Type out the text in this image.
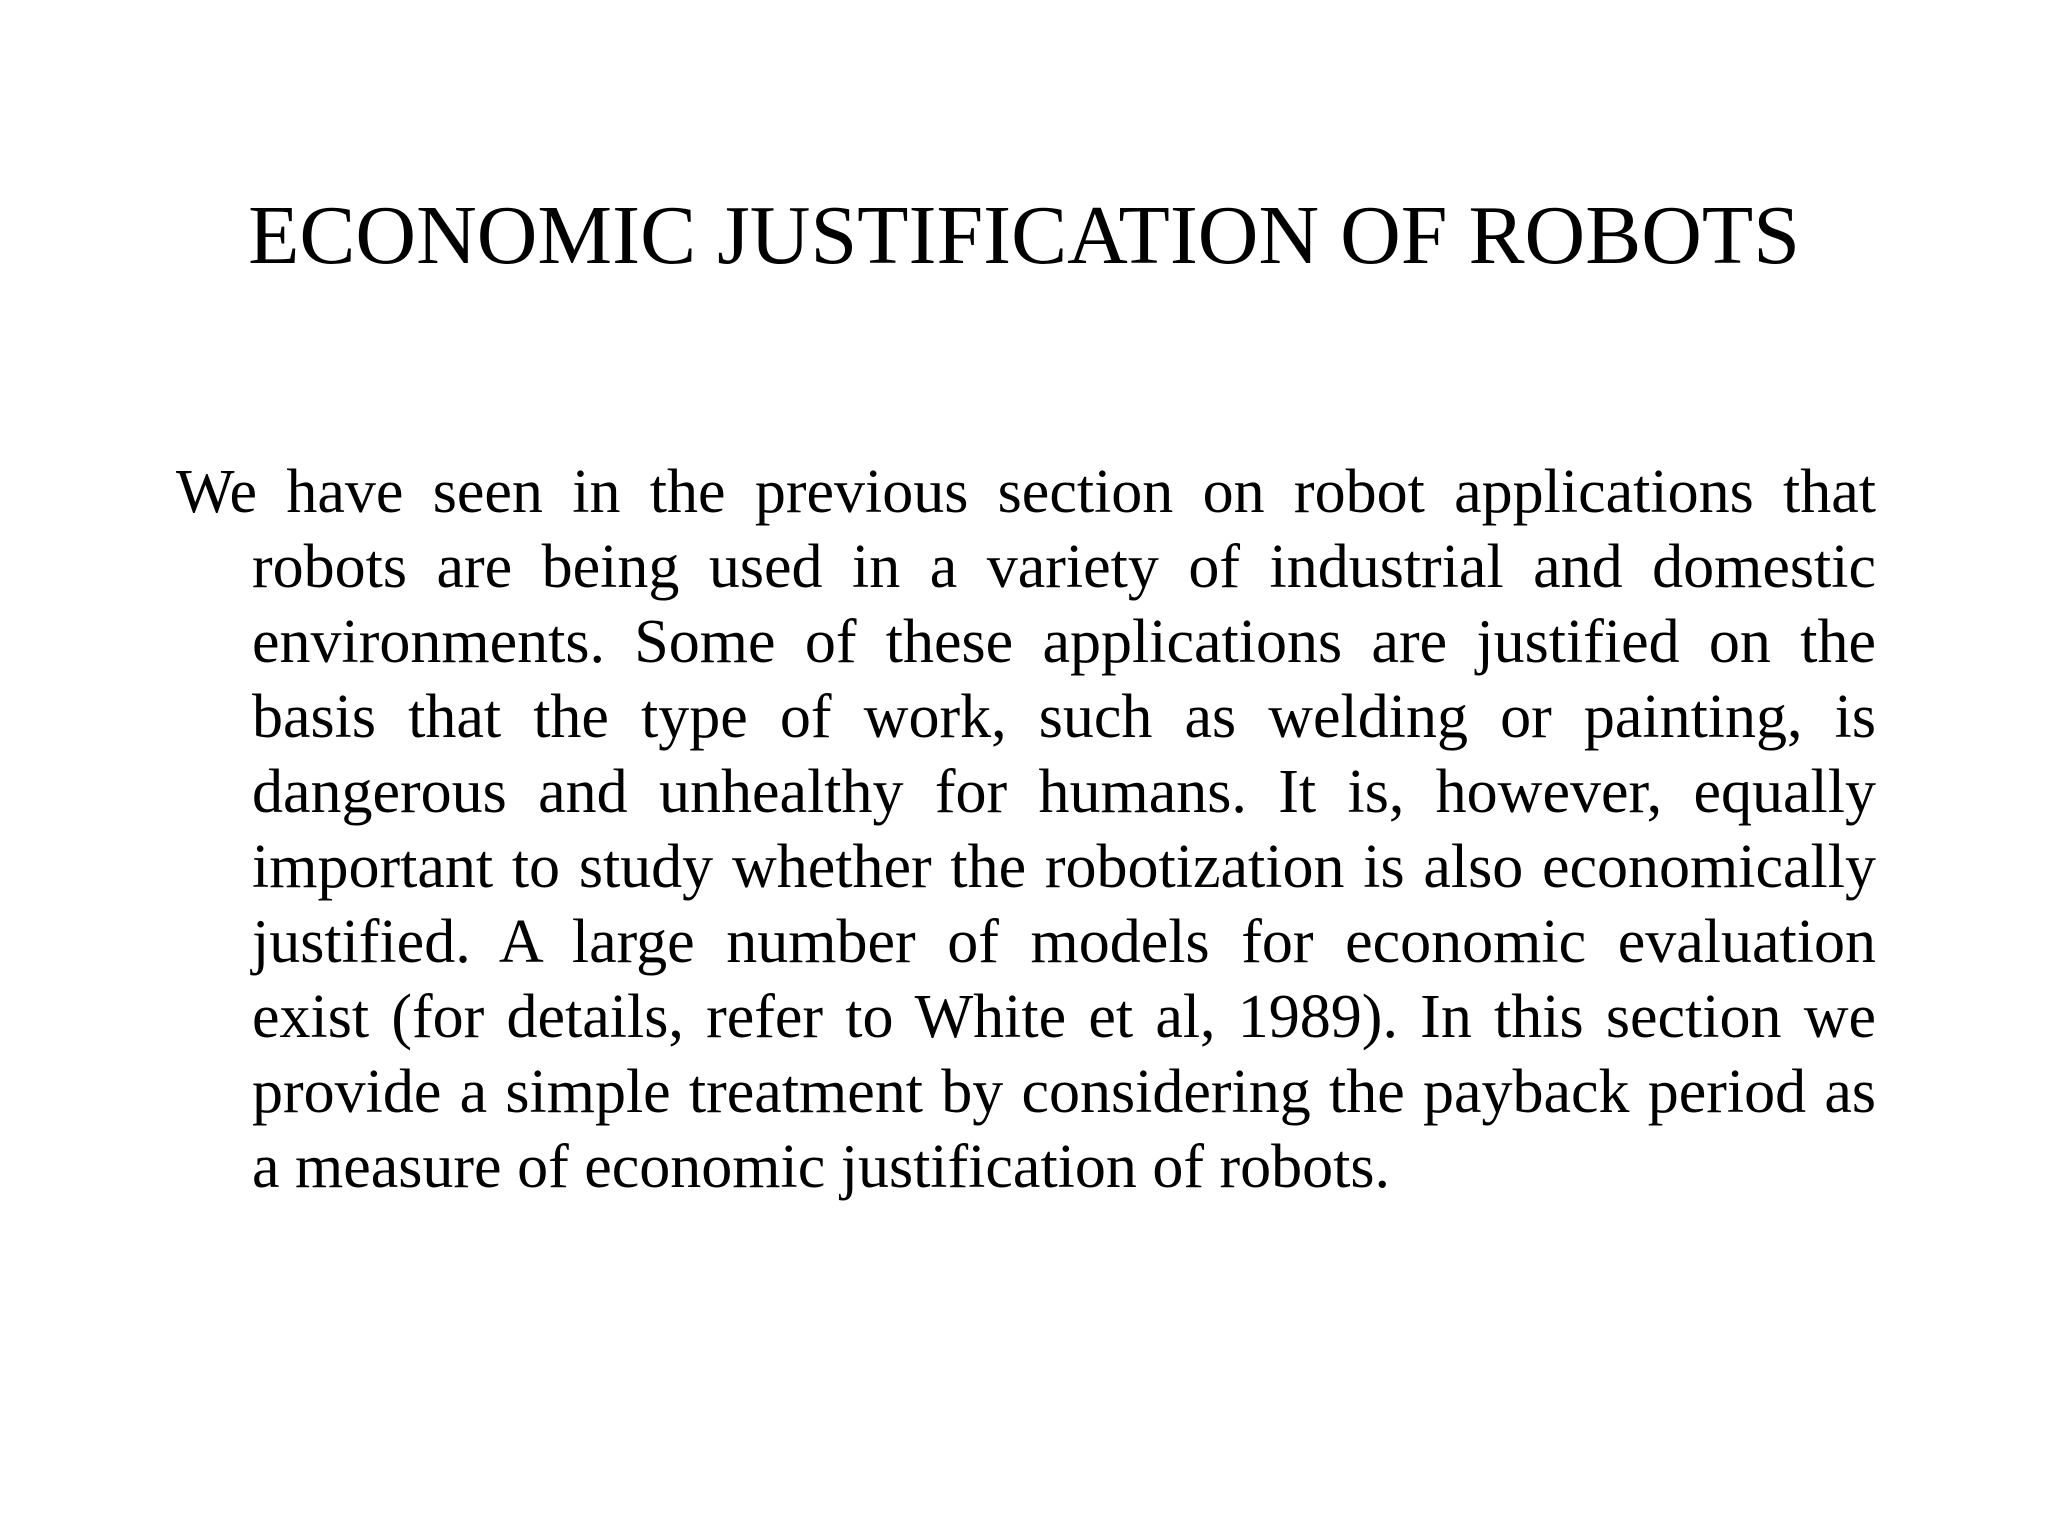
ECONOMIC JUSTIFICATION OF ROBOTS

We have seen in the previous section on robot applications that robots are being used in a variety of industrial and domestic environments. Some of these applications are justified on the basis that the type of work, such as welding or painting, is dangerous and unhealthy for humans. It is, however, equally important to study whether the robotization is also economically justified. A large number of models for economic evaluation exist (for details, refer to White et al, 1989). In this section we provide a simple treatment by considering the payback period as a measure of economic justification of robots.
